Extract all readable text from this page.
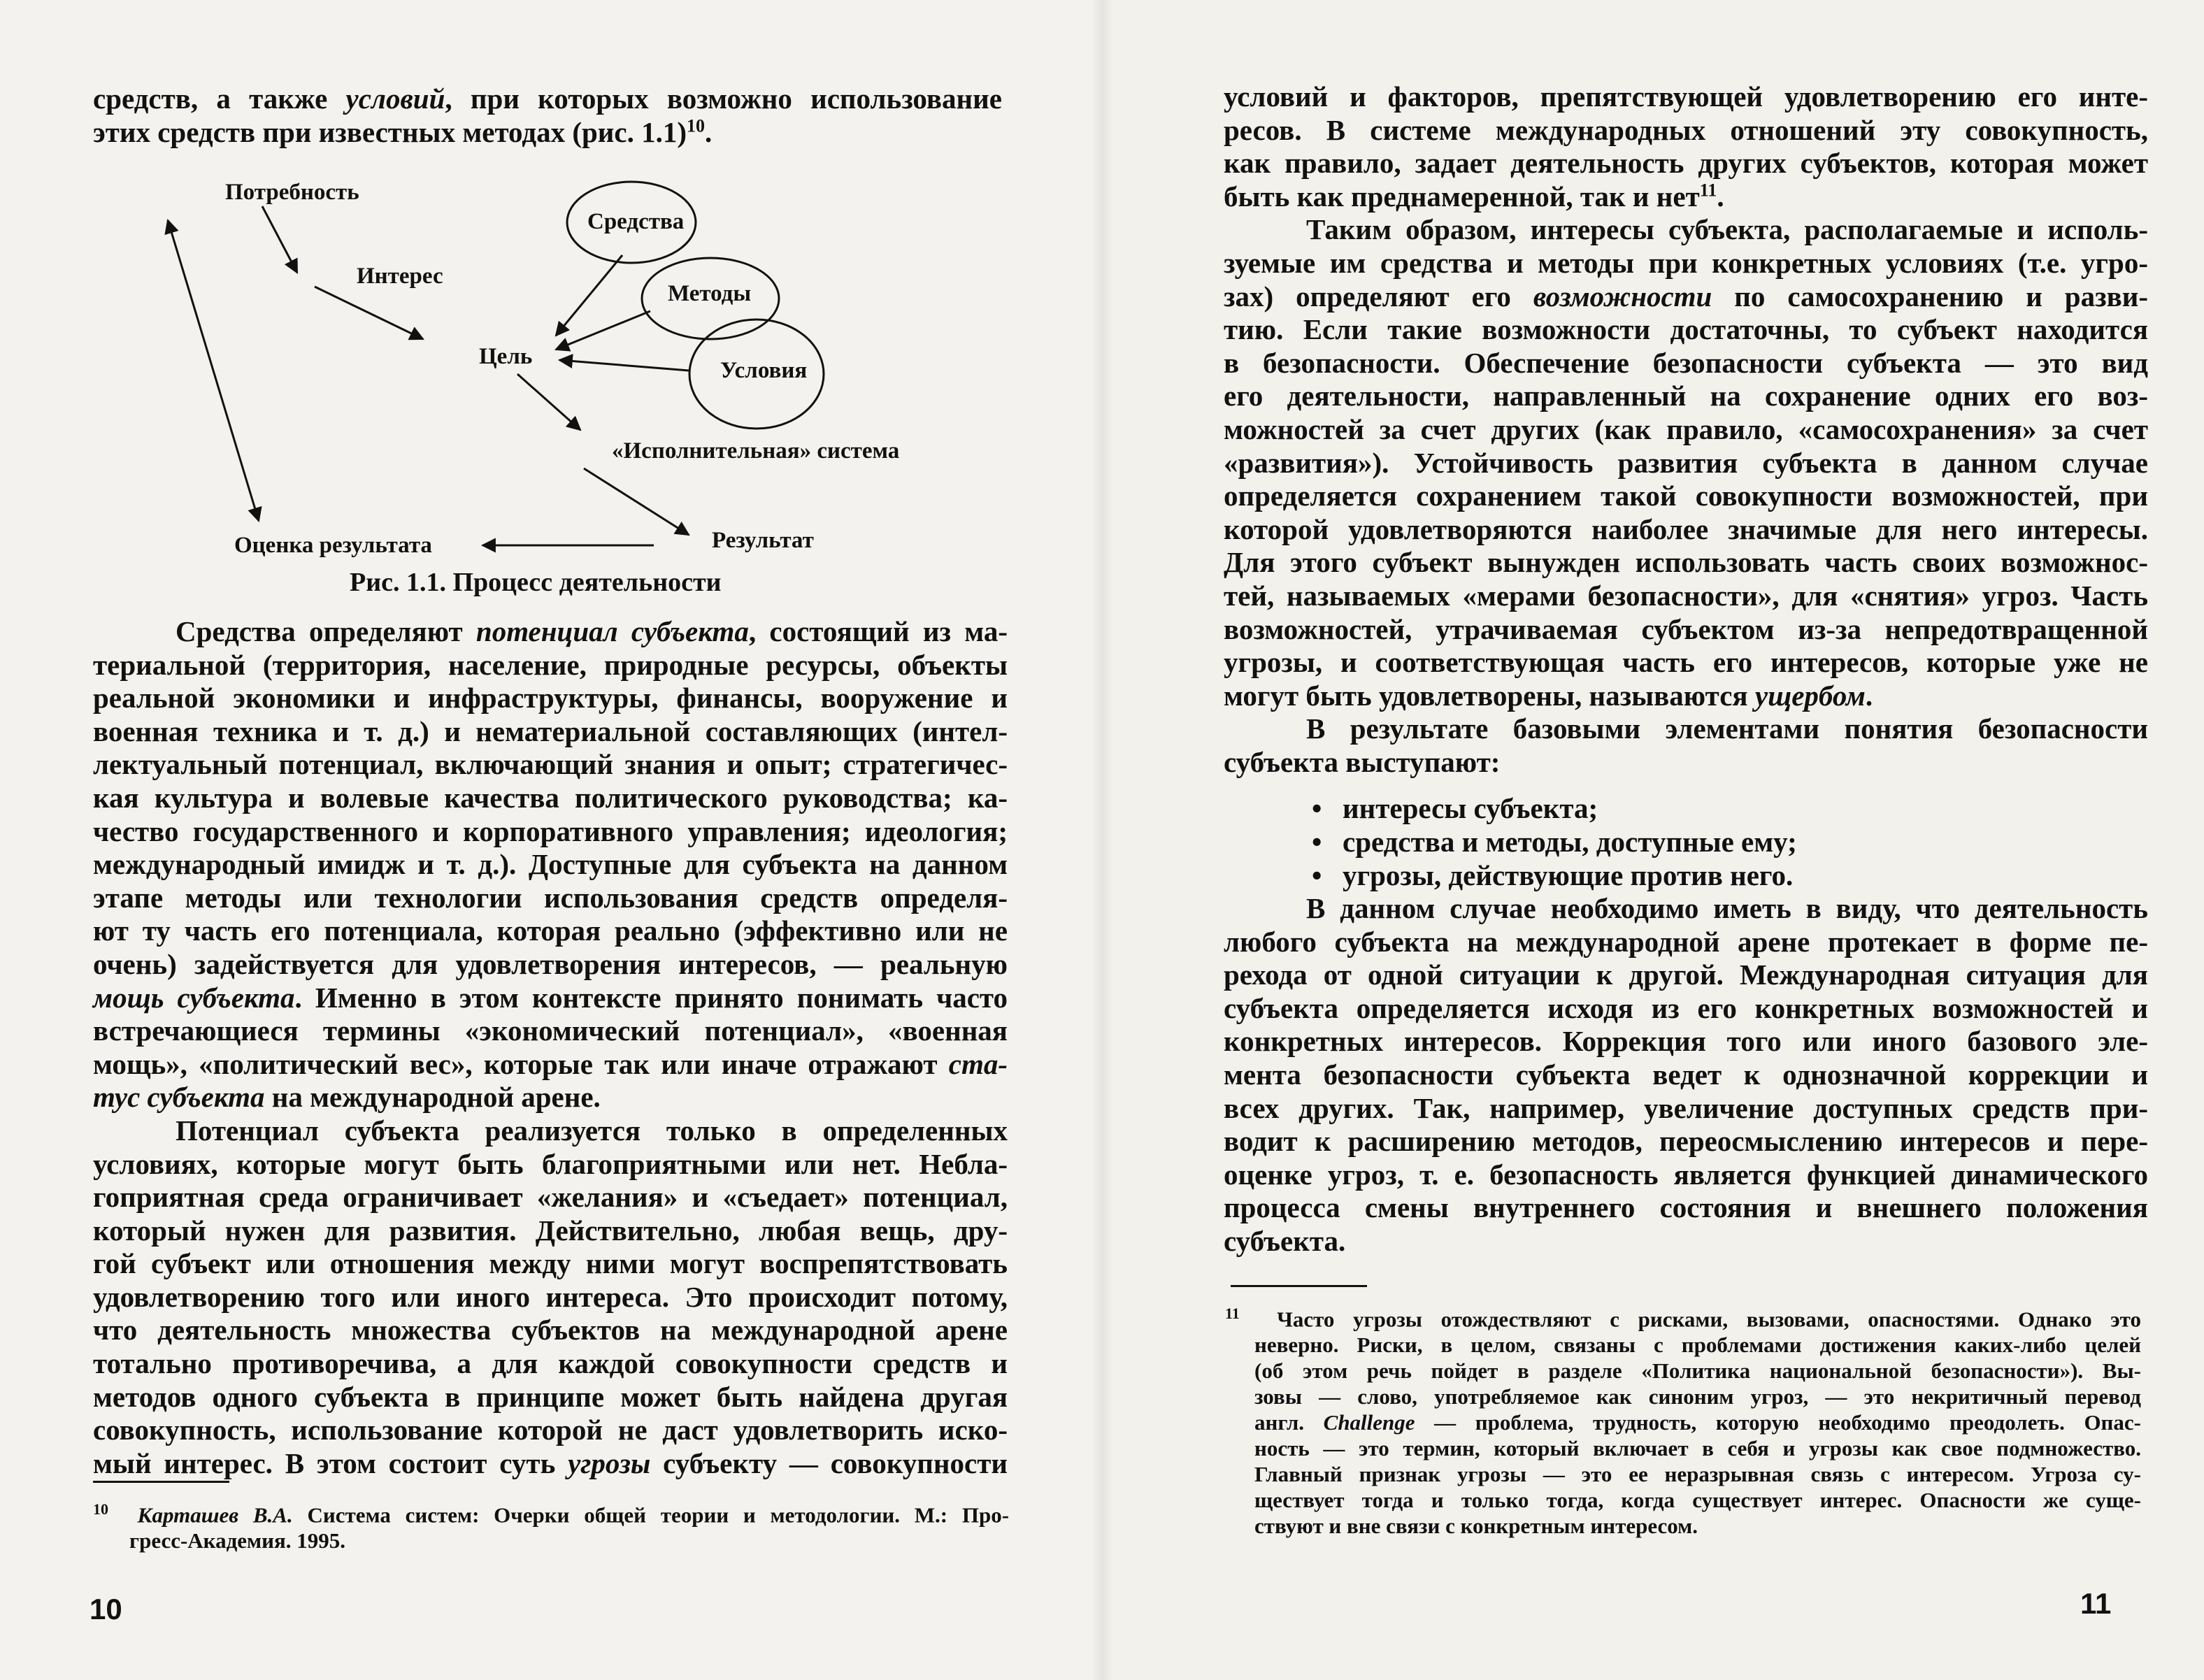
средств, а также условий, при которых возможно использование
этих средств при известных методах (рис. 1.1)$^{10}$.
Потребность
Интерес
Цель
Средства
Методы
Условия
«Исполнительная» система
Результат
Оценка результата
Рис. 1.1. Процесс деятельности
Средства определяют потенциал субъекта, состоящий из ма-
териальной (территория, население, природные ресурсы, объекты
реальной экономики и инфраструктуры, финансы, вооружение и
военная техника и т. д.) и нематериальной составляющих (интел-
лектуальный потенциал, включающий знания и опыт; стратегичес-
кая культура и волевые качества политического руководства; ка-
чество государственного и корпоративного управления; идеология;
международный имидж и т. д.). Доступные для субъекта на данном
этапе методы или технологии использования средств определя-
ют ту часть его потенциала, которая реально (эффективно или не
очень) задействуется для удовлетворения интересов, — реальную
мощь субъекта. Именно в этом контексте принято понимать часто
встречающиеся термины «экономический потенциал», «военная
мощь», «политический вес», которые так или иначе отражают ста-
тус субъекта на международной арене.
Потенциал субъекта реализуется только в определенных
условиях, которые могут быть благоприятными или нет. Небла-
гоприятная среда ограничивает «желания» и «съедает» потенциал,
который нужен для развития. Действительно, любая вещь, дру-
гой субъект или отношения между ними могут воспрепятствовать
удовлетворению того или иного интереса. Это происходит потому,
что деятельность множества субъектов на международной арене
тотально противоречива, а для каждой совокупности средств и
методов одного субъекта в принципе может быть найдена другая
совокупность, использование которой не даст удовлетворить иско-
мый интерес. В этом состоит суть угрозы субъекту — совокупности
$^{10}$ Карташев В.А. Система систем: Очерки общей теории и методологии. М.: Про-
гресс-Академия. 1995.
10
условий и факторов, препятствующей удовлетворению его инте-
ресов. В системе международных отношений эту совокупность,
как правило, задает деятельность других субъектов, которая может
быть как преднамеренной, так и нет$^{11}$.
Таким образом, интересы субъекта, располагаемые и исполь-
зуемые им средства и методы при конкретных условиях (т.е. угро-
зах) определяют его возможности по самосохранению и разви-
тию. Если такие возможности достаточны, то субъект находится
в безопасности. Обеспечение безопасности субъекта — это вид
его деятельности, направленный на сохранение одних его воз-
можностей за счет других (как правило, «самосохранения» за счет
«развития»). Устойчивость развития субъекта в данном случае
определяется сохранением такой совокупности возможностей, при
которой удовлетворяются наиболее значимые для него интересы.
Для этого субъект вынужден использовать часть своих возможнос-
тей, называемых «мерами безопасности», для «снятия» угроз. Часть
возможностей, утрачиваемая субъектом из-за непредотвращенной
угрозы, и соответствующая часть его интересов, которые уже не
могут быть удовлетворены, называются ущербом.
В результате базовыми элементами понятия безопасности
субъекта выступают:
• интересы субъекта;
• средства и методы, доступные ему;
• угрозы, действующие против него.
В данном случае необходимо иметь в виду, что деятельность
любого субъекта на международной арене протекает в форме пе-
рехода от одной ситуации к другой. Международная ситуация для
субъекта определяется исходя из его конкретных возможностей и
конкретных интересов. Коррекция того или иного базового эле-
мента безопасности субъекта ведет к однозначной коррекции и
всех других. Так, например, увеличение доступных средств при-
водит к расширению методов, переосмыслению интересов и пере-
оценке угроз, т. е. безопасность является функцией динамического
процесса смены внутреннего состояния и внешнего положения
субъекта.
$^{11}$ Часто угрозы отождествляют с рисками, вызовами, опасностями. Однако это
неверно. Риски, в целом, связаны с проблемами достижения каких-либо целей
(об этом речь пойдет в разделе «Политика национальной безопасности»). Вы-
зовы — слово, употребляемое как синоним угроз, — это некритичный перевод
англ. Challenge — проблема, трудность, которую необходимо преодолеть. Опас-
ность — это термин, который включает в себя и угрозы как свое подмножество.
Главный признак угрозы — это ее неразрывная связь с интересом. Угроза су-
ществует тогда и только тогда, когда существует интерес. Опасности же суще-
ствуют и вне связи с конкретным интересом.
11
